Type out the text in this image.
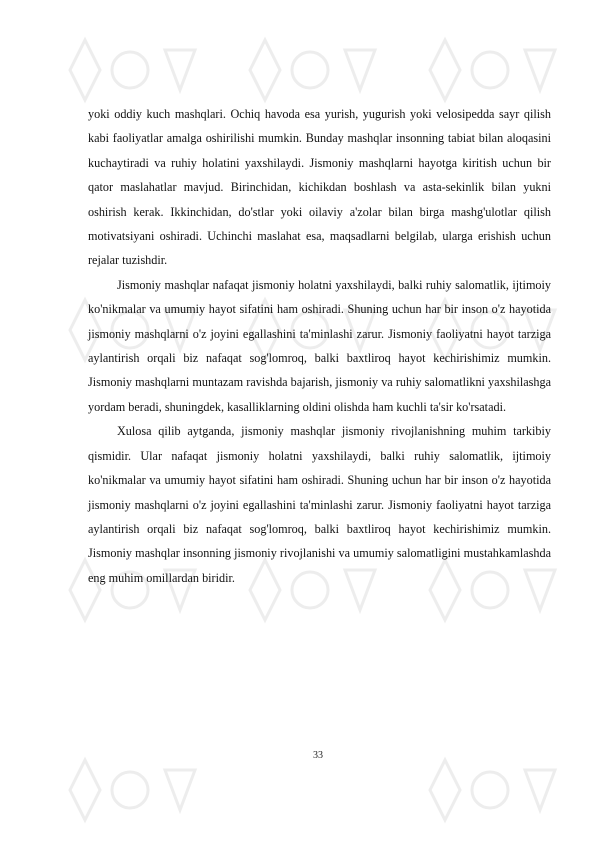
yoki oddiy kuch mashqlari. Ochiq havoda esa yurish, yugurish yoki velosipedda sayr qilish kabi faoliyatlar amalga oshirilishi mumkin. Bunday mashqlar insonning tabiat bilan aloqasini kuchaytiradi va ruhiy holatini yaxshilaydi. Jismoniy mashqlarni hayotga kiritish uchun bir qator maslahatlar mavjud. Birinchidan, kichikdan boshlash va asta-sekinlik bilan yukni oshirish kerak. Ikkinchidan, do'stlar yoki oilaviy a'zolar bilan birga mashg'ulotlar qilish motivatsiyani oshiradi. Uchinchi maslahat esa, maqsadlarni belgilab, ularga erishish uchun rejalar tuzishdir.

Jismoniy mashqlar nafaqat jismoniy holatni yaxshilaydi, balki ruhiy salomatlik, ijtimoiy ko'nikmalar va umumiy hayot sifatini ham oshiradi. Shuning uchun har bir inson o'z hayotida jismoniy mashqlarni o'z joyini egallashini ta'minlashi zarur. Jismoniy faoliyatni hayot tarziga aylantirish orqali biz nafaqat sog'lomroq, balki baxtliroq hayot kechirishimiz mumkin. Jismoniy mashqlarni muntazam ravishda bajarish, jismoniy va ruhiy salomatlikni yaxshilashga yordam beradi, shuningdek, kasalliklarning oldini olishda ham kuchli ta'sir ko'rsatadi.

Xulosa qilib aytganda, jismoniy mashqlar jismoniy rivojlanishning muhim tarkibiy qismidir. Ular nafaqat jismoniy holatni yaxshilaydi, balki ruhiy salomatlik, ijtimoiy ko'nikmalar va umumiy hayot sifatini ham oshiradi. Shuning uchun har bir inson o'z hayotida jismoniy mashqlarni o'z joyini egallashini ta'minlashi zarur. Jismoniy faoliyatni hayot tarziga aylantirish orqali biz nafaqat sog'lomroq, balki baxtliroq hayot kechirishimiz mumkin. Jismoniy mashqlar insonning jismoniy rivojlanishi va umumiy salomatligini mustahkamlashda eng muhim omillardan biridir.

33
